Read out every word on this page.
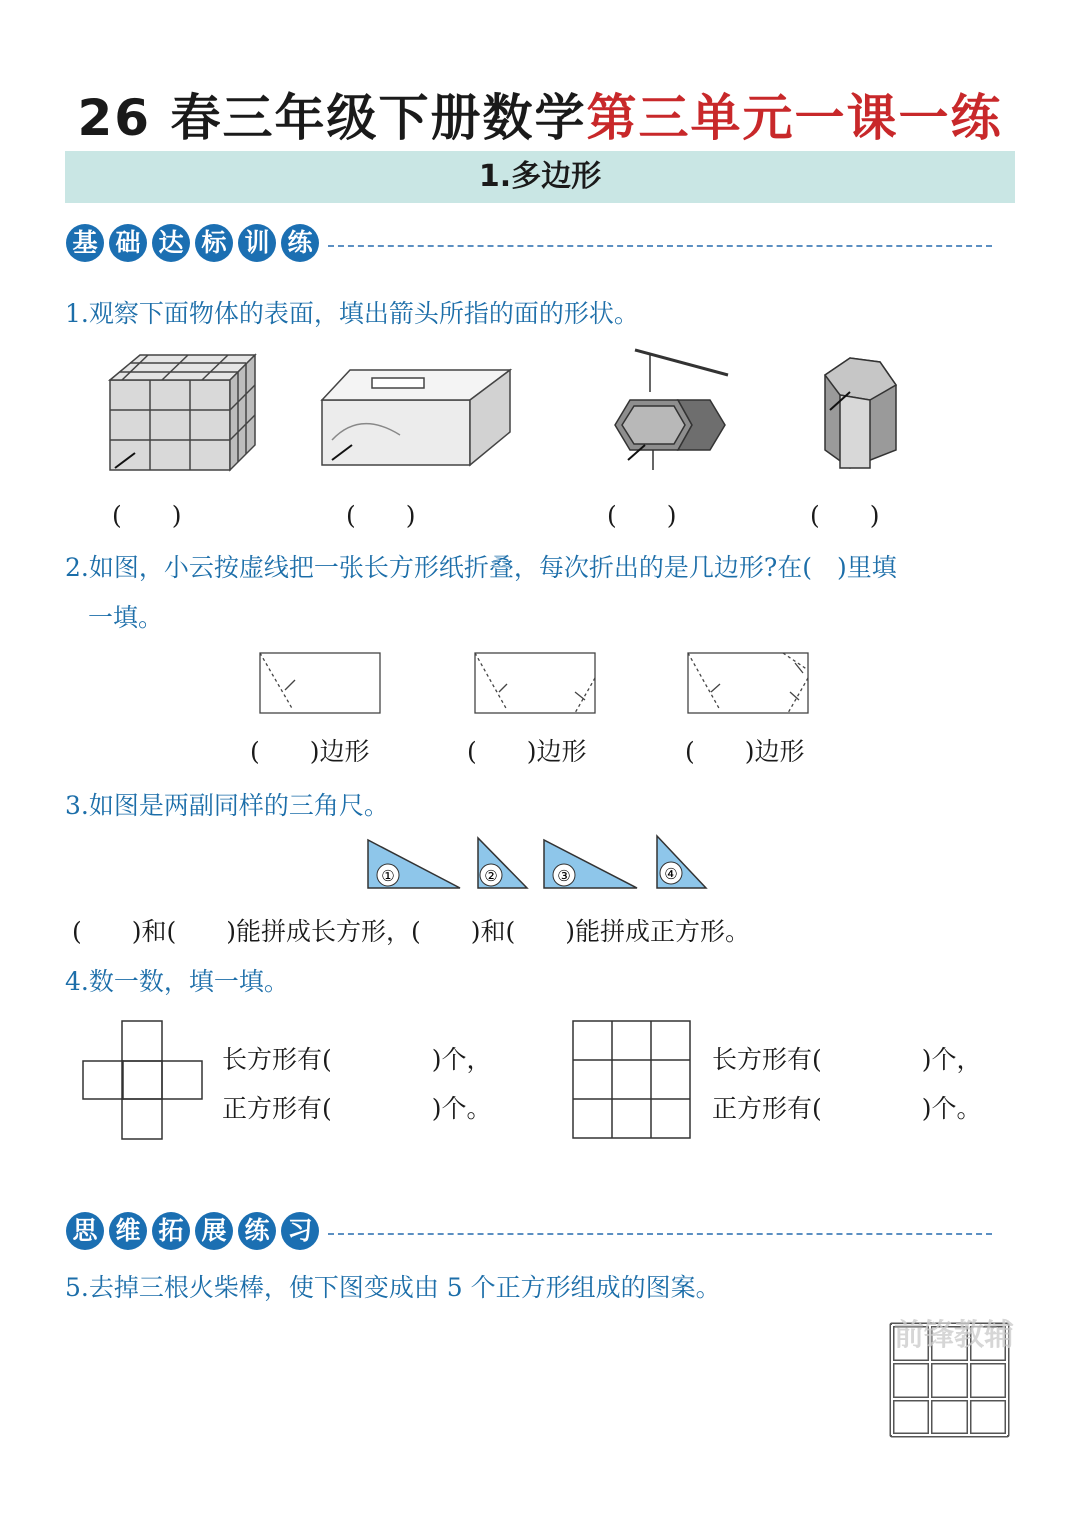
26 春三年级下册数学第三单元一课一练
1.多边形
基 础 达 标 训 练
1.观察下面物体的表面，填出箭头所指的面的形状。
(　　)	(　　)	(　　)	(　　)
2.如图，小云按虚线把一张长方形纸折叠，每次折出的是几边形?在(　)里填
一填。
(　　)边形	(　　)边形	(　　)边形
3.如图是两副同样的三角尺。
①	②	③	④
(　　)和(　　)能拼成长方形，(　　)和(　　)能拼成正方形。
4.数一数，填一填。
长方形有(　　　　)个，
正方形有(　　　　)个。
长方形有(　　　　)个，
正方形有(　　　　)个。
思 维 拓 展 练 习
5.去掉三根火柴棒，使下图变成由 5 个正方形组成的图案。
前锋教辅
